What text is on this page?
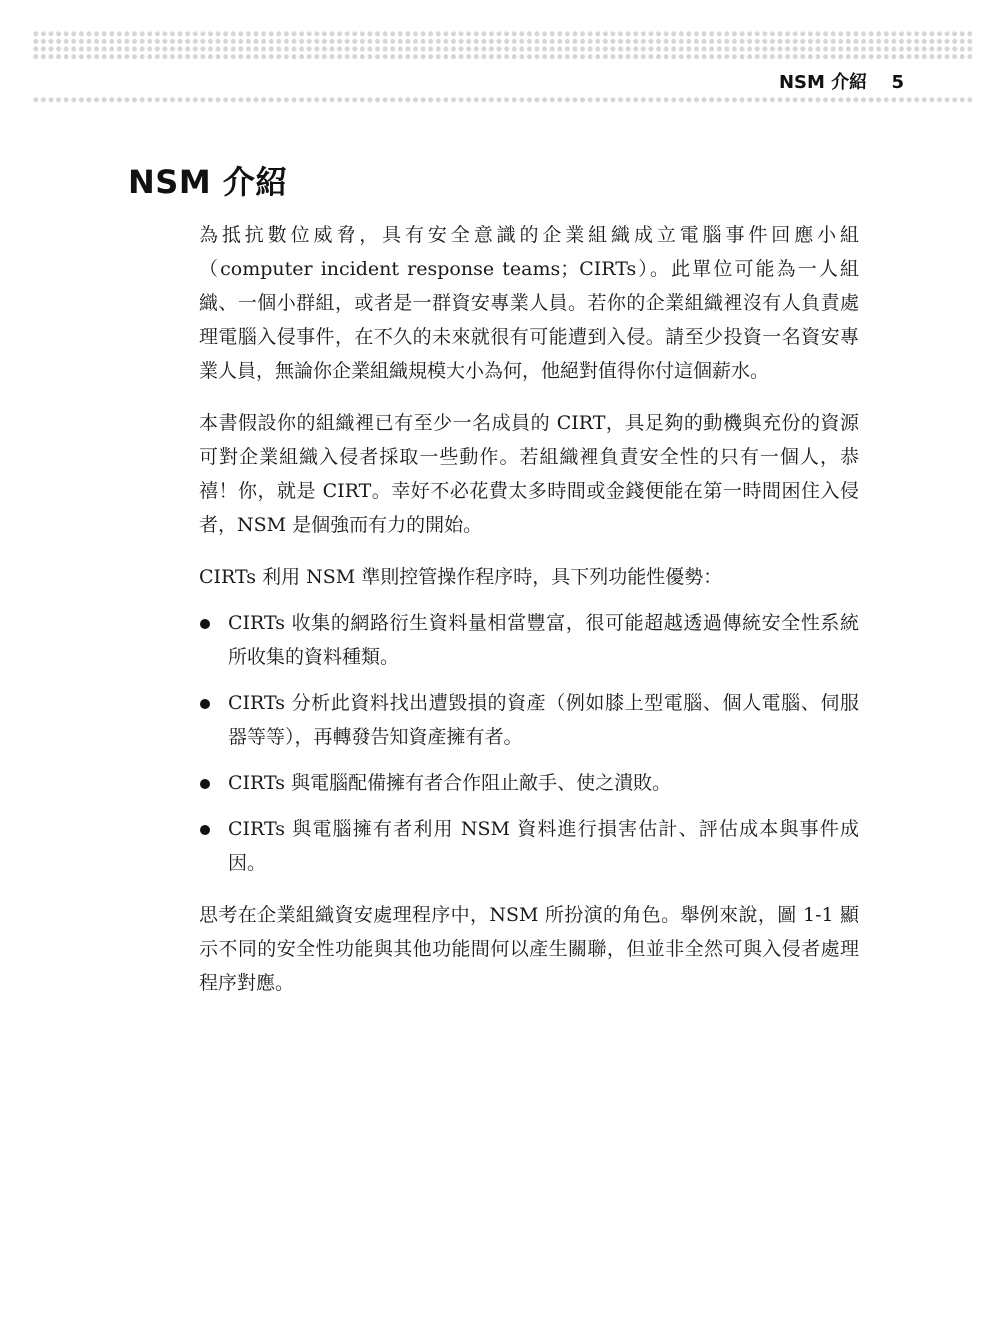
NSM 介紹 5
NSM 介紹

為抵抗數位威脅，具有安全意識的企業組織成立電腦事件回應小組（computer incident response teams；CIRTs）。此單位可能為一人組織、一個小群組，或者是一群資安專業人員。若你的企業組織裡沒有人負責處理電腦入侵事件，在不久的未來就很有可能遭到入侵。請至少投資一名資安專業人員，無論你企業組織規模大小為何，他絕對值得你付這個薪水。

本書假設你的組織裡已有至少一名成員的 CIRT，具足夠的動機與充份的資源可對企業組織入侵者採取一些動作。若組織裡負責安全性的只有一個人，恭禧！你，就是 CIRT。幸好不必花費太多時間或金錢便能在第一時間困住入侵者，NSM 是個強而有力的開始。

CIRTs 利用 NSM 準則控管操作程序時，具下列功能性優勢：

CIRTs 收集的網路衍生資料量相當豐富，很可能超越透過傳統安全性系統所收集的資料種類。
CIRTs 分析此資料找出遭毀損的資產（例如膝上型電腦、個人電腦、伺服器等等），再轉發告知資產擁有者。
CIRTs 與電腦配備擁有者合作阻止敵手、使之潰敗。
CIRTs 與電腦擁有者利用 NSM 資料進行損害估計、評估成本與事件成因。

思考在企業組織資安處理程序中，NSM 所扮演的角色。舉例來說，圖 1-1 顯示不同的安全性功能與其他功能間何以產生關聯，但並非全然可與入侵者處理程序對應。
